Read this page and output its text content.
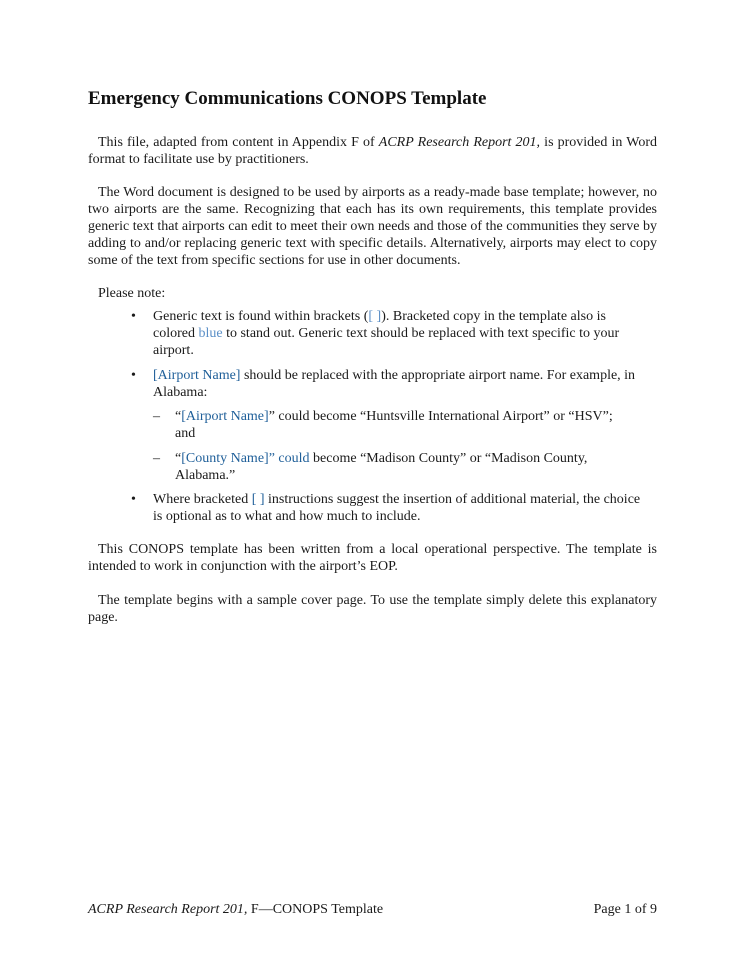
Emergency Communications CONOPS Template

This file, adapted from content in Appendix F of ACRP Research Report 201, is provided in Word format to facilitate use by practitioners.

The Word document is designed to be used by airports as a ready-made base template; however, no two airports are the same. Recognizing that each has its own requirements, this template provides generic text that airports can edit to meet their own needs and those of the communities they serve by adding to and/or replacing generic text with specific details. Alternatively, airports may elect to copy some of the text from specific sections for use in other documents.

Please note:

• Generic text is found within brackets ([ ]). Bracketed copy in the template also is colored blue to stand out. Generic text should be replaced with text specific to your airport.
• [Airport Name] should be replaced with the appropriate airport name. For example, in Alabama:
– “[Airport Name]” could become “Huntsville International Airport” or “HSV”; and
– “[County Name]” could become “Madison County” or “Madison County, Alabama.”
• Where bracketed [ ] instructions suggest the insertion of additional material, the choice is optional as to what and how much to include.

This CONOPS template has been written from a local operational perspective. The template is intended to work in conjunction with the airport’s EOP.

The template begins with a sample cover page. To use the template simply delete this explanatory page.

ACRP Research Report 201, F—CONOPS Template	Page 1 of 9
